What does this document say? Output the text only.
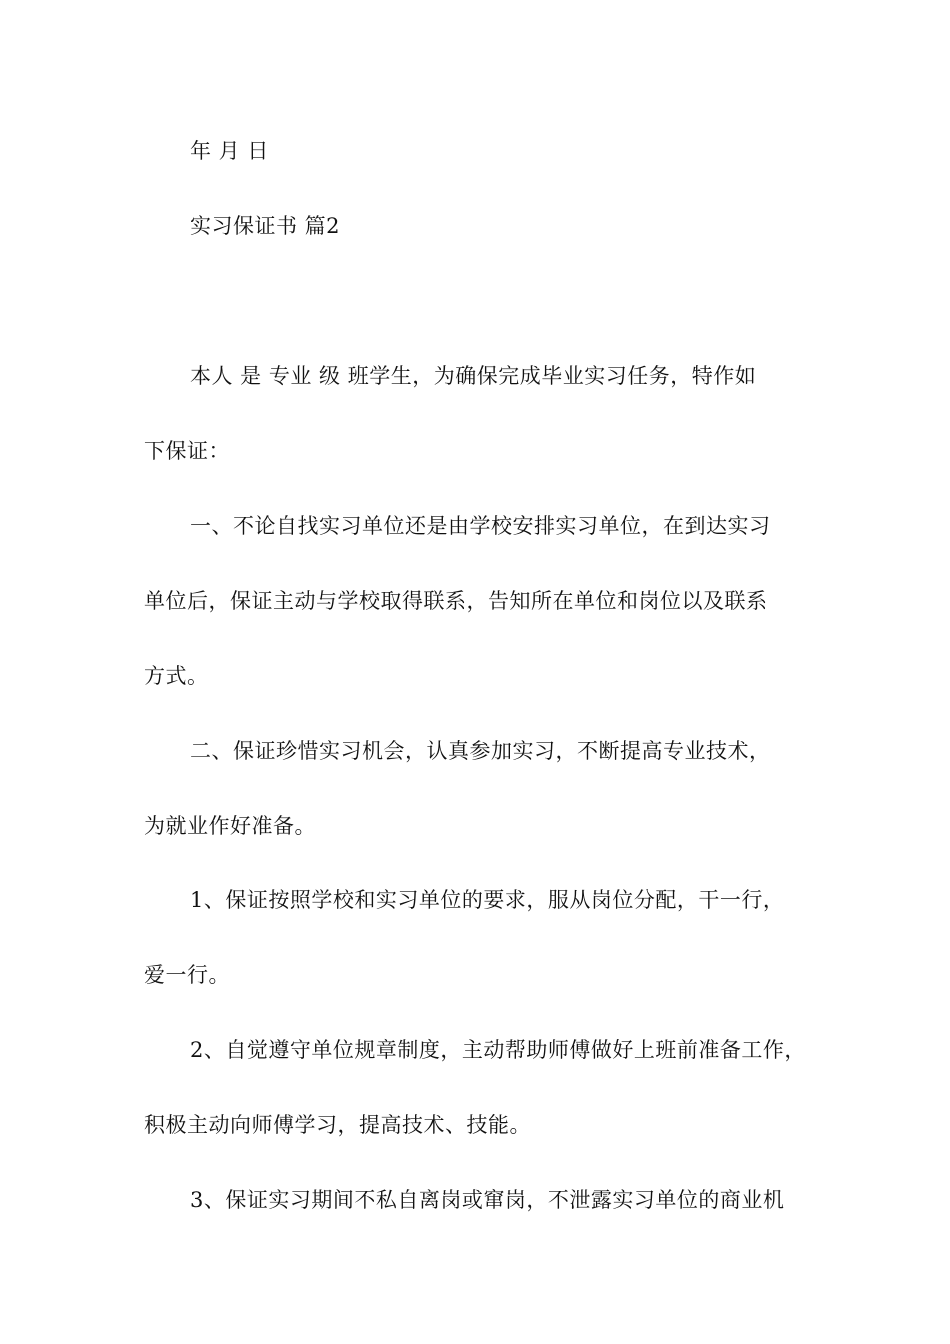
年 月 日
实习保证书 篇2
本人 是 专业 级 班学生，为确保完成毕业实习任务，特作如
下保证：
一、不论自找实习单位还是由学校安排实习单位，在到达实习
单位后，保证主动与学校取得联系，告知所在单位和岗位以及联系
方式。
二、保证珍惜实习机会，认真参加实习，不断提高专业技术，
为就业作好准备。
1、保证按照学校和实习单位的要求，服从岗位分配，干一行，
爱一行。
2、自觉遵守单位规章制度，主动帮助师傅做好上班前准备工作，
积极主动向师傅学习，提高技术、技能。
3、保证实习期间不私自离岗或窜岗，不泄露实习单位的商业机
